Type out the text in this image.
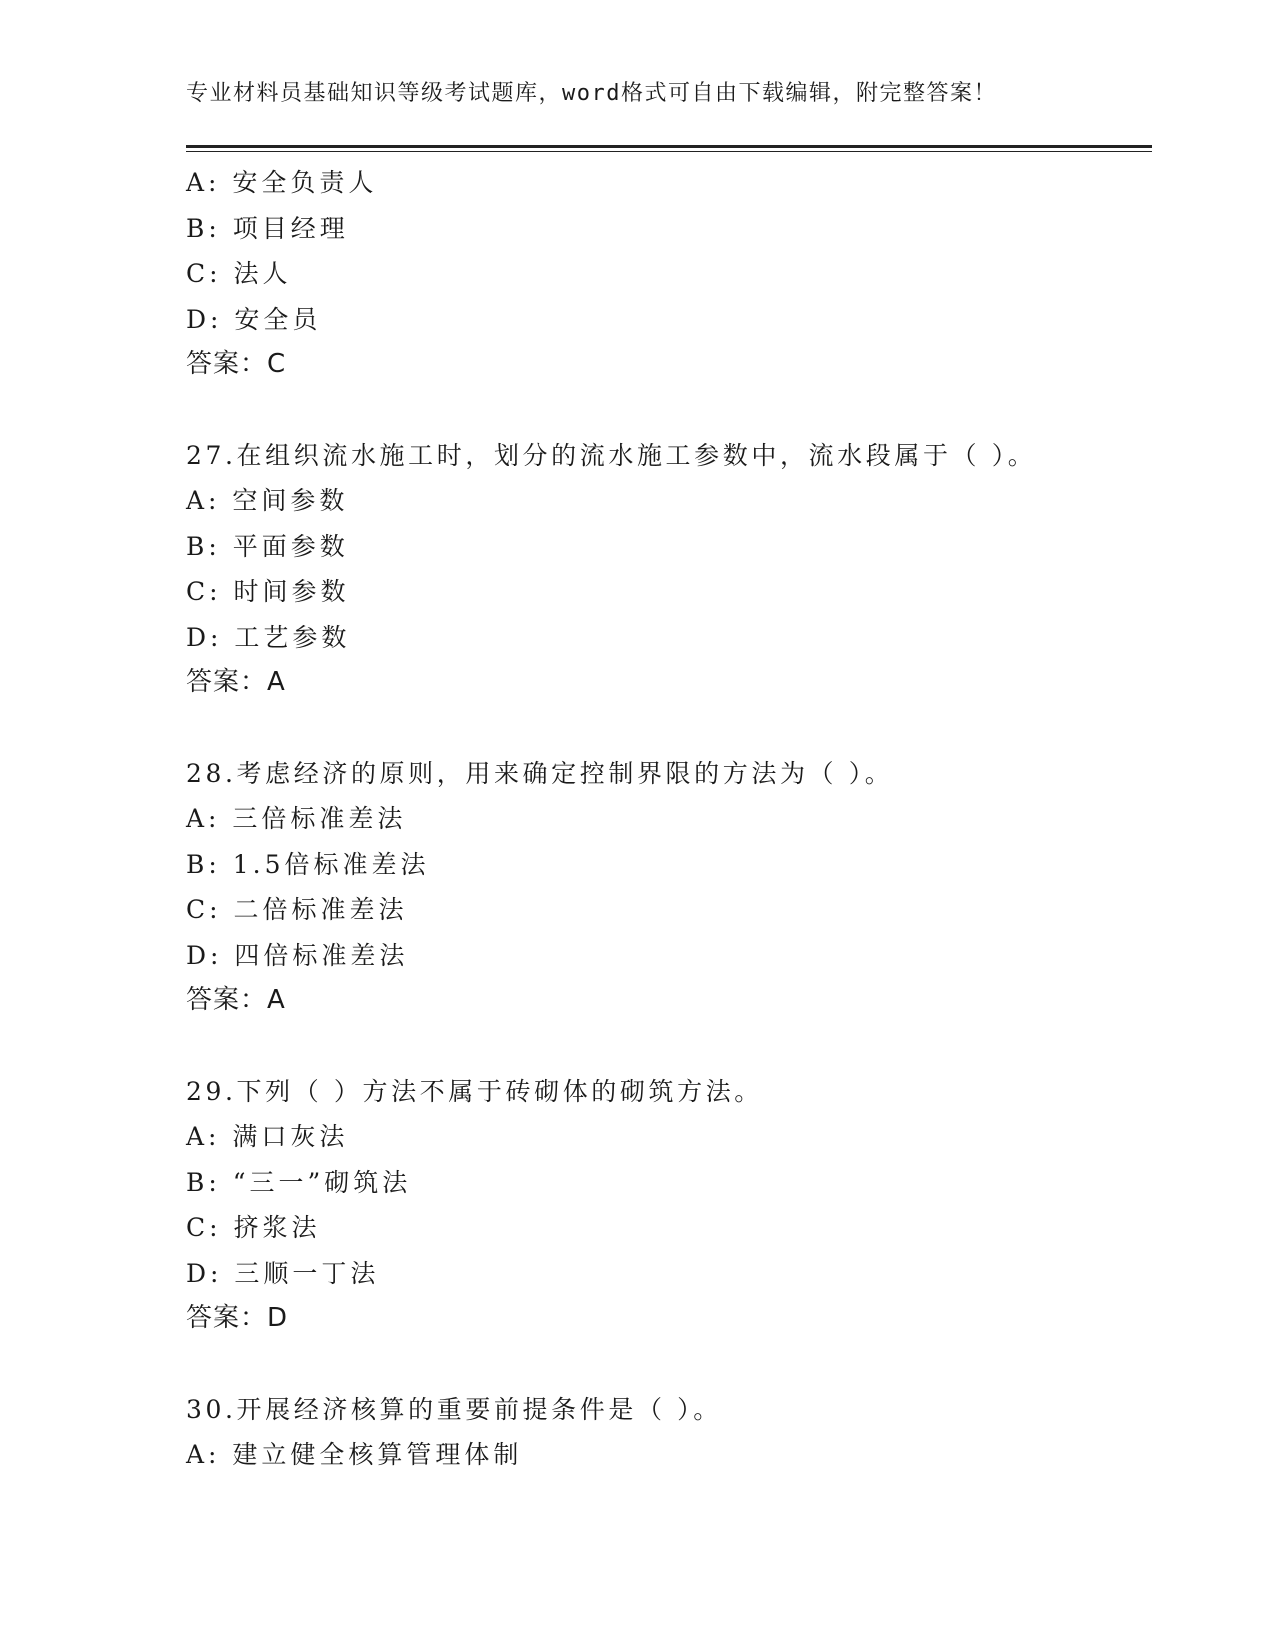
专业材料员基础知识等级考试题库，word格式可自由下载编辑，附完整答案！
A: 安全负责人
B: 项目经理
C: 法人
D: 安全员
答案：C
27.在组织流水施工时，划分的流水施工参数中，流水段属于（ ）。
A: 空间参数
B: 平面参数
C: 时间参数
D: 工艺参数
答案：A
28.考虑经济的原则，用来确定控制界限的方法为（ ）。
A: 三倍标准差法
B: 1.5倍标准差法
C: 二倍标准差法
D: 四倍标准差法
答案：A
29.下列（ ）方法不属于砖砌体的砌筑方法。
A: 满口灰法
B: “三一”砌筑法
C: 挤浆法
D: 三顺一丁法
答案：D
30.开展经济核算的重要前提条件是（ ）。
A: 建立健全核算管理体制
